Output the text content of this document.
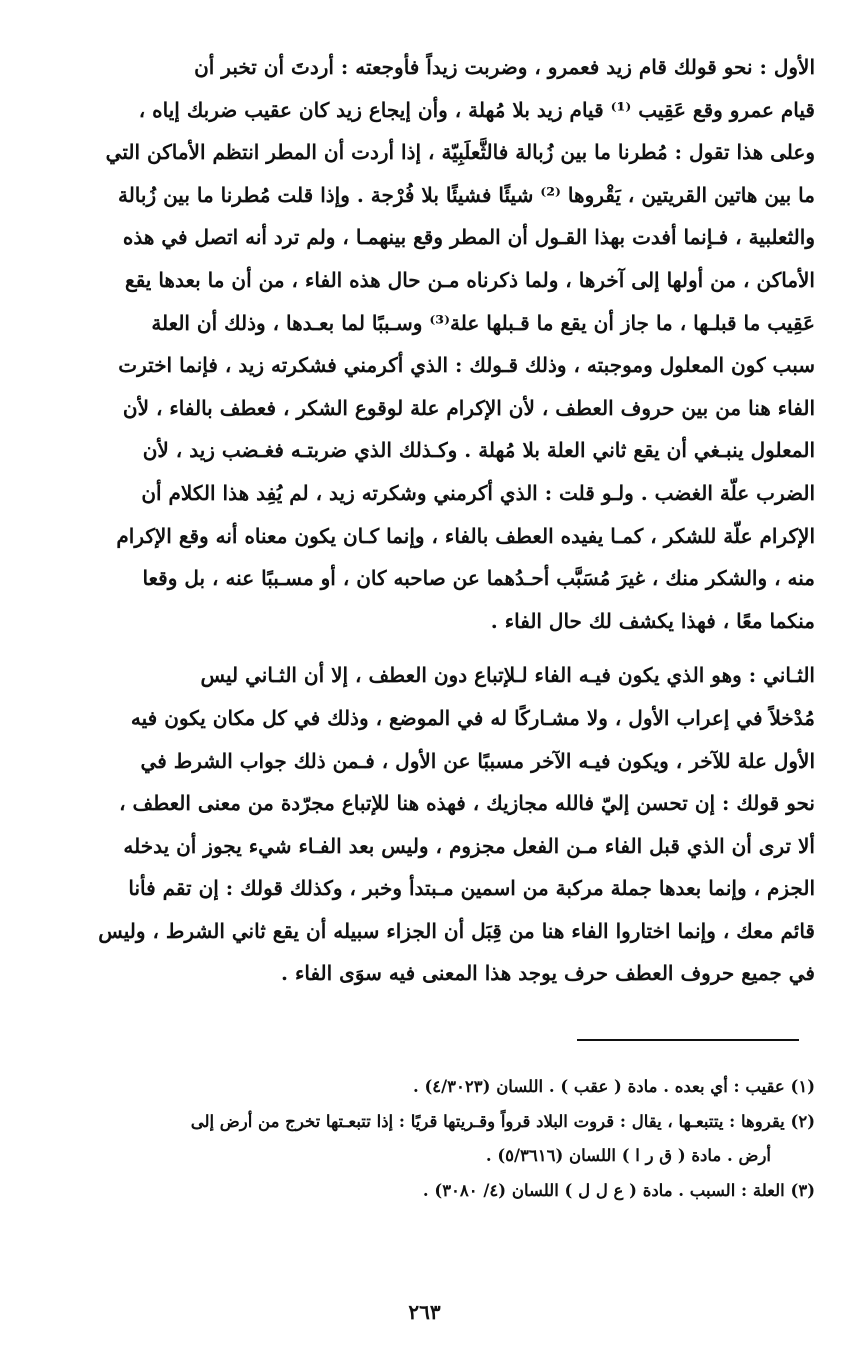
الأول : نحو قولك قام زيد فعمرو ، وضربت زيداً فأوجعته : أردتَ أن تخبر أن
قيام عمرو وقع عَقِيب ⁽¹⁾ قيام زيد بلا مُهلة ، وأن إيجاع زيد كان عقيب ضربك إياه ،
وعلى هذا تقول : مُطرنا ما بين زُبالة فالثَّعلَبِيّة ، إذا أردت أن المطر انتظم الأماكن التي
ما بين هاتين القريتين ، يَقْروها ⁽²⁾ شيئًا فشيئًا بلا فُرْجة . وإذا قلت مُطرنا ما بين زُبالة
والثعلبية ، فـإنما أفدت بهذا القـول أن المطر وقع بينهمـا ، ولم ترد أنه اتصل في هذه
الأماكن ، من أولها إلى آخرها ، ولما ذكرناه مـن حال هذه الفاء ، من أن ما بعدها يقع
عَقِيب ما قبلـها ، ما جاز أن يقع ما قـبلها علة⁽³⁾ وسـببًا لما بعـدها ، وذلك أن العلة
سبب كون المعلول وموجبته ، وذلك قـولك : الذي أكرمني فشكرته زيد ، فإنما اخترت
الفاء هنا من بين حروف العطف ، لأن الإكرام علة لوقوع الشكر ، فعطف بالفاء ، لأن
المعلول ينبـغي أن يقع ثاني العلة بلا مُهلة . وكـذلك الذي ضربتـه فغـضب زيد ، لأن
الضرب علّة الغضب . ولـو قلت : الذي أكرمني وشكرته زيد ، لم يُفِد هذا الكلام أن
الإكرام علّة للشكر ، كمـا يفيده العطف بالفاء ، وإنما كـان يكون معناه أنه وقع الإكرام
منه ، والشكر منك ، غيرَ مُسَبَّب أحـدُهما عن صاحبه كان ، أو مسـببًا عنه ، بل وقعا
منكما معًا ، فهذا يكشف لك حال الفاء .

الثـاني : وهو الذي يكون فيـه الفاء لـلإتباع دون العطف ، إلا أن الثـاني ليس
مُدْخلاً في إعراب الأول ، ولا مشـاركًا له في الموضع ، وذلك في كل مكان يكون فيه
الأول علة للآخر ، ويكون فيـه الآخر مسببًا عن الأول ، فـمن ذلك جواب الشرط في
نحو قولك : إن تحسن إليّ فالله مجازيك ، فهذه هنا للإتباع مجرّدة من معنى العطف ،
ألا ترى أن الذي قبل الفاء مـن الفعل مجزوم ، وليس بعد الفـاء شيء يجوز أن يدخله
الجزم ، وإنما بعدها جملة مركبة من اسمين مـبتدأ وخبر ، وكذلك قولك : إن تقم فأنا
قائم معك ، وإنما اختاروا الفاء هنا من قِبَل أن الجزاء سبيله أن يقع ثاني الشرط ، وليس
في جميع حروف العطف حرف يوجد هذا المعنى فيه سوَى الفاء .

(١) عقيب : أي بعده . مادة ( عقب ) . اللسان (٤/٣٠٢٣) .
(٢) يقروها : يتتبعـها ، يقال : قروت البلاد قرواً وقـريتها قريًا : إذا تتبعـتها تخرج من أرض إلى
أرض . مادة ( ق ر ا ) اللسان (٥/٣٦١٦) .
(٣) العلة : السبب . مادة ( ع ل ل ) اللسان (٤/ ٣٠٨٠) .
٢٦٣
